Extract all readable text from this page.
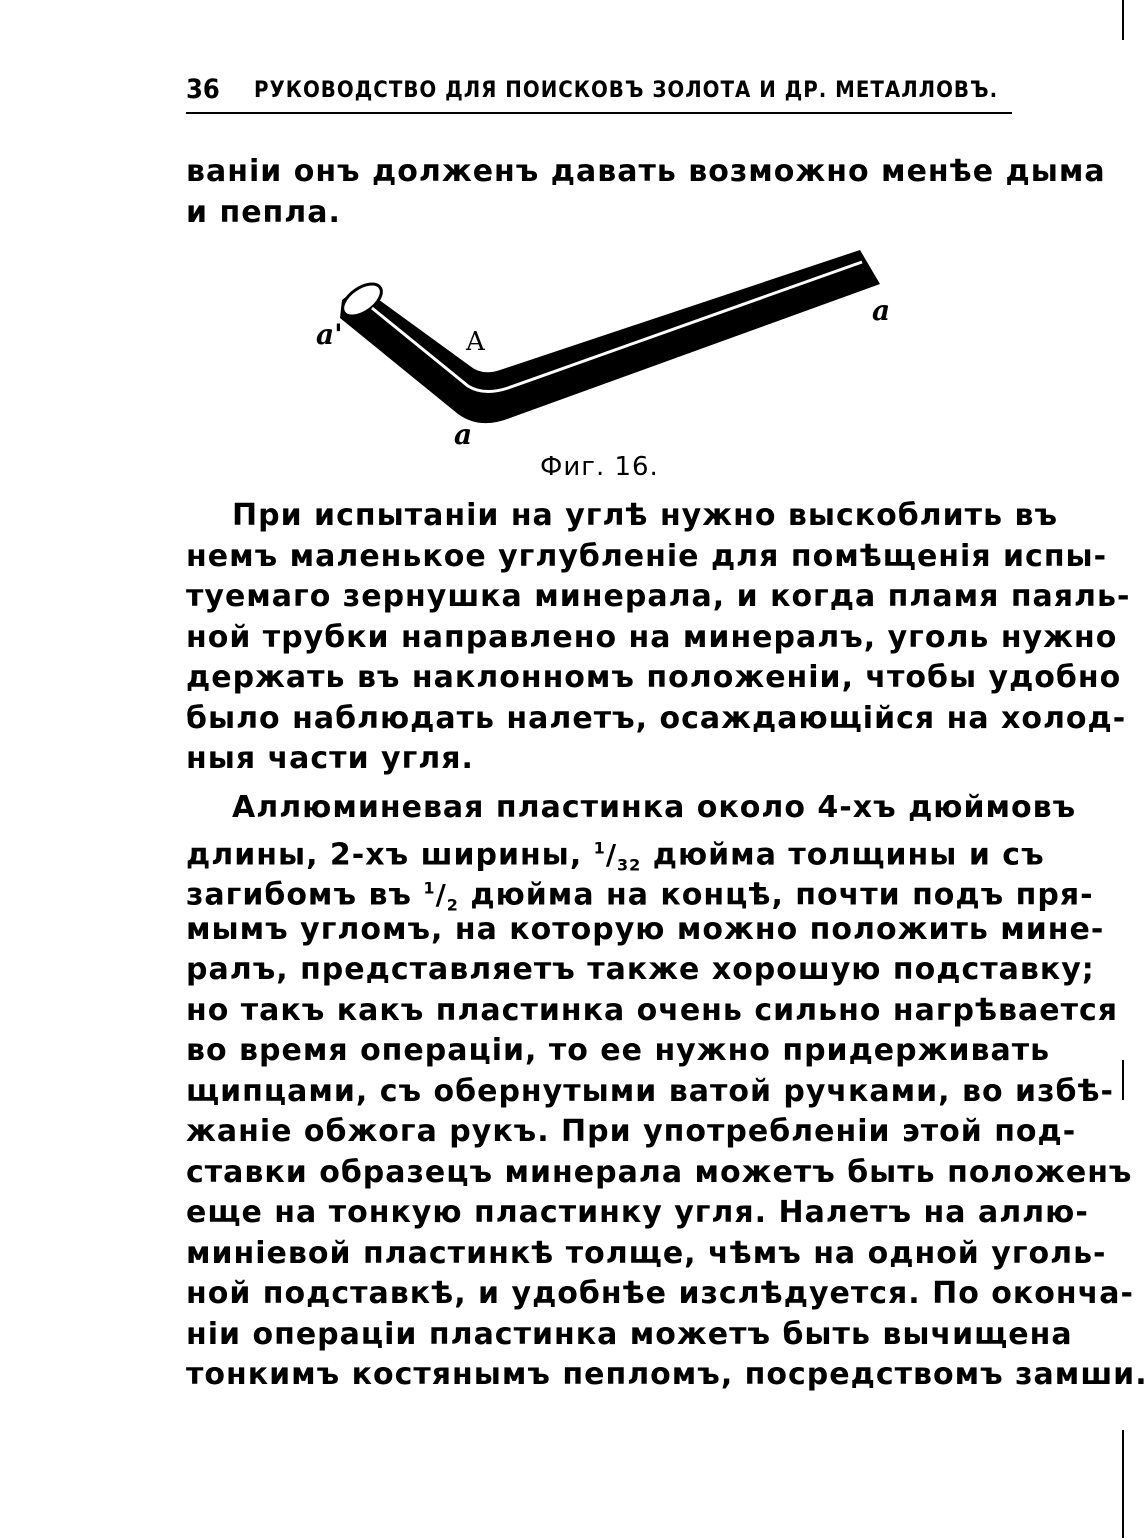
36 РУКОВОДСТВО ДЛЯ ПОИСКОВЪ ЗОЛОТА И ДР. МЕТАЛЛОВЪ.
ваніи онъ долженъ давать возможно менѣе дыма
и пепла.
a'	A
a
a
Фиг. 16.
При испытаніи на углѣ нужно выскоблить въ
немъ маленькое углубленіе для помѣщенія испы-
туемаго зернушка минерала, и когда пламя паяль-
ной трубки направлено на минералъ, уголь нужно
держать въ наклонномъ положеніи, чтобы удобно
было наблюдать налетъ, осаждающійся на холод-
ныя части угля.
Аллюминевая пластинка около 4-хъ дюймовъ
длины, 2-хъ ширины, $^1/_{32}$ дюйма толщины и съ
загибомъ въ $^1/_2$ дюйма на концѣ, почти подъ пря-
мымъ угломъ, на которую можно положить мине-
ралъ, представляетъ также хорошую подставку;
но такъ какъ пластинка очень сильно нагрѣвается
во время операціи, то ее нужно придерживать
щипцами, съ обернутыми ватой ручками, во избѣ-
жаніе обжога рукъ. При употребленіи этой под-
ставки образецъ минерала можетъ быть положенъ
еще на тонкую пластинку угля. Налетъ на аллю-
миніевой пластинкѣ толще, чѣмъ на одной уголь-
ной подставкѣ, и удобнѣе изслѣдуется. По оконча-
ніи операціи пластинка можетъ быть вычищена
тонкимъ костянымъ пепломъ, посредствомъ замши.
